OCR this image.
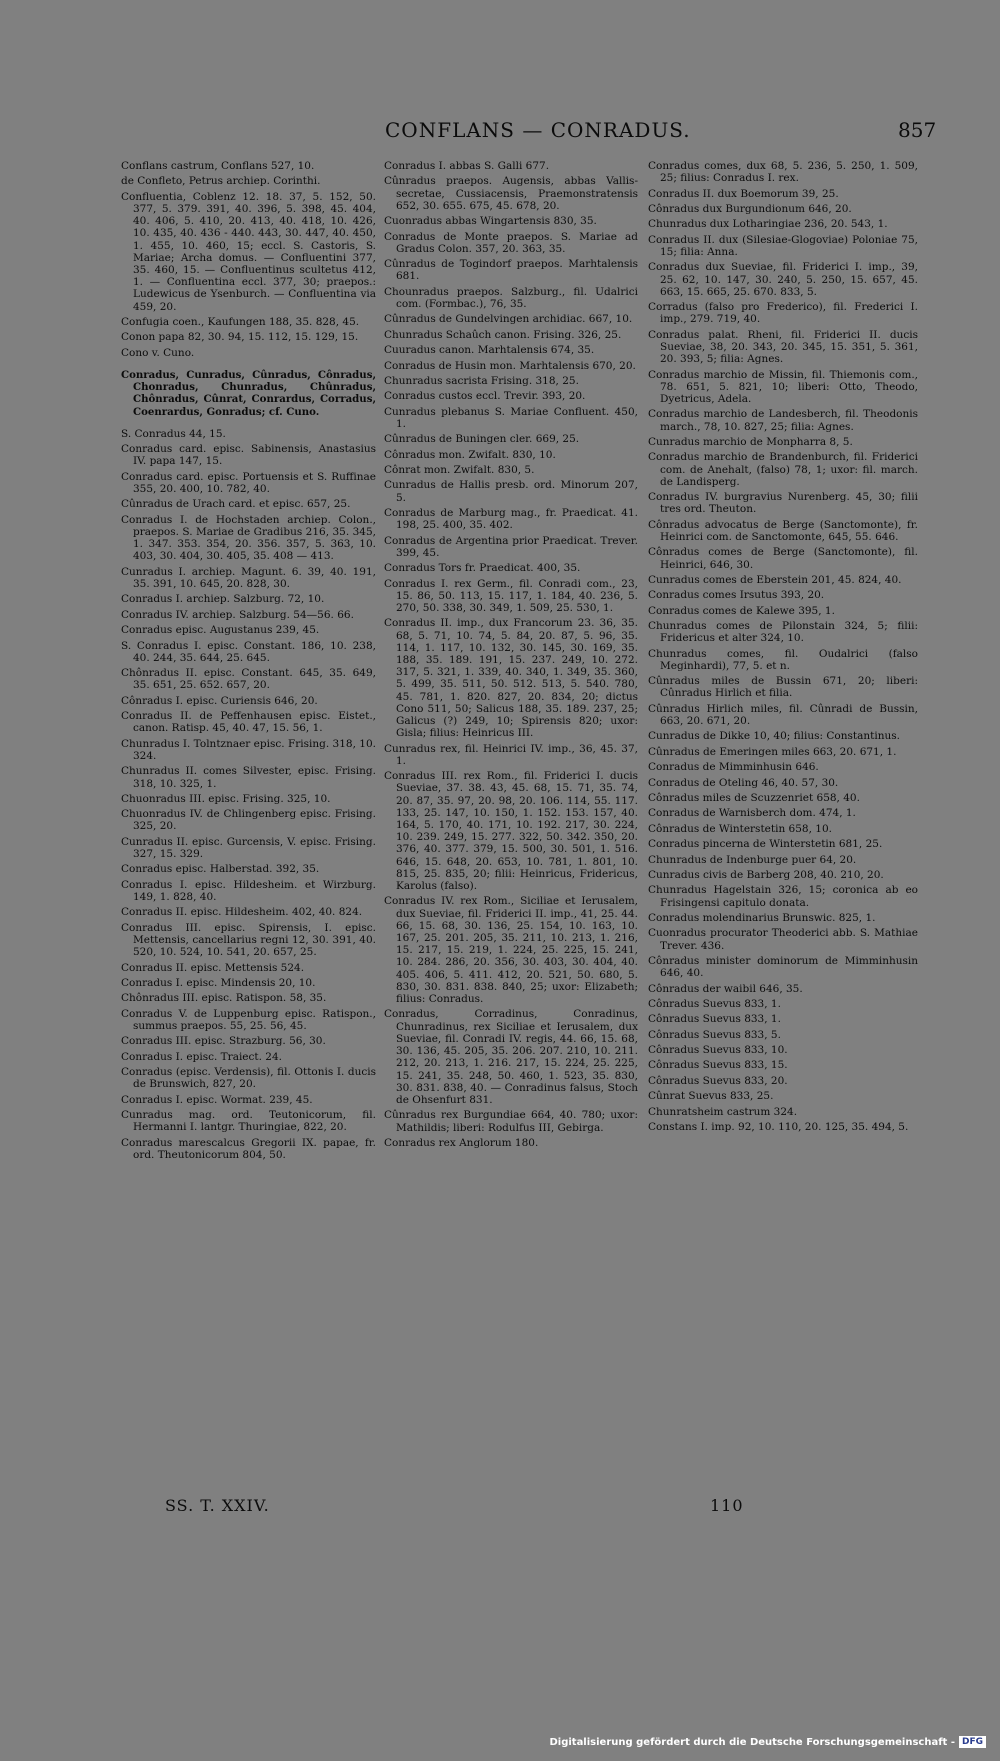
CONFLANS — CONRADUS.	857
Conflans castrum, Conflans 527, 10.
de Confleto, Petrus archiep. Corinthi.
Confluentia, Coblenz 12. 18. 37, 5. 152, 50. 377, 5. 379. 391, 40. 396, 5. 398, 45. 404, 40. 406, 5. 410, 20. 413, 40. 418, 10. 426, 10. 435, 40. 436 - 440. 443, 30. 447, 40. 450, 1. 455, 10. 460, 15; eccl. S. Castoris, S. Mariae; Archa domus. — Confluentini 377, 35. 460, 15. — Confluentinus scultetus 412, 1. — Confluentina eccl. 377, 30; praepos.: Ludewicus de Ysenburch. — Confluentina via 459, 20.
Confugia coen., Kaufungen 188, 35. 828, 45.
Conon papa 82, 30. 94, 15. 112, 15. 129, 15.
Cono v. Cuno.
Conradus, Cunradus, Cûnradus, Cônradus, Chonradus, Chunradus, Chûnradus, Chônradus, Cûnrat, Conrardus, Corradus, Coenrardus, Gonradus; cf. Cuno.
S. Conradus 44, 15.
Conradus card. episc. Sabinensis, Anastasius IV. papa 147, 15.
Conradus card. episc. Portuensis et S. Ruffinae 355, 20. 400, 10. 782, 40.
Cûnradus de Urach card. et episc. 657, 25.
Conradus I. de Hochstaden archiep. Colon., praepos. S. Mariae de Gradibus 216, 35. 345, 1. 347. 353. 354, 20. 356. 357, 5. 363, 10. 403, 30. 404, 30. 405, 35. 408 — 413.
Cunradus I. archiep. Magunt. 6. 39, 40. 191, 35. 391, 10. 645, 20. 828, 30.
Conradus I. archiep. Salzburg. 72, 10.
Conradus IV. archiep. Salzburg. 54—56. 66.
Conradus episc. Augustanus 239, 45.
S. Conradus I. episc. Constant. 186, 10. 238, 40. 244, 35. 644, 25. 645.
Chônradus II. episc. Constant. 645, 35. 649, 35. 651, 25. 652. 657, 20.
Cônradus I. episc. Curiensis 646, 20.
Conradus II. de Peffenhausen episc. Eistet., canon. Ratisp. 45, 40. 47, 15. 56, 1.
Chunradus I. Tolntznaer episc. Frising. 318, 10. 324.
Chunradus II. comes Silvester, episc. Frising. 318, 10. 325, 1.
Chuonradus III. episc. Frising. 325, 10.
Chuonradus IV. de Chlingenberg episc. Frising. 325, 20.
Cunradus II. episc. Gurcensis, V. episc. Frising. 327, 15. 329.
Conradus episc. Halberstad. 392, 35.
Conradus I. episc. Hildesheim. et Wirzburg. 149, 1. 828, 40.
Conradus II. episc. Hildesheim. 402, 40. 824.
Conradus III. episc. Spirensis, I. episc. Mettensis, cancellarius regni 12, 30. 391, 40. 520, 10. 524, 10. 541, 20. 657, 25.
Conradus II. episc. Mettensis 524.
Conradus I. episc. Mindensis 20, 10.
Chônradus III. episc. Ratispon. 58, 35.
Conradus V. de Luppenburg episc. Ratispon., summus praepos. 55, 25. 56, 45.
Conradus III. episc. Strazburg. 56, 30.
Conradus I. episc. Traiect. 24.
Conradus (episc. Verdensis), fil. Ottonis I. ducis de Brunswich, 827, 20.
Conradus I. episc. Wormat. 239, 45.
Cunradus mag. ord. Teutonicorum, fil. Hermanni I. lantgr. Thuringiae, 822, 20.
Conradus marescalcus Gregorii IX. papae, fr. ord. Theutonicorum 804, 50.
Conradus I. abbas S. Galli 677.
Cûnradus praepos. Augensis, abbas Vallis-secretae, Cussiacensis, Praemonstratensis 652, 30. 655. 675, 45. 678, 20.
Cuonradus abbas Wingartensis 830, 35.
Conradus de Monte praepos. S. Mariae ad Gradus Colon. 357, 20. 363, 35.
Cûnradus de Togindorf praepos. Marhtalensis 681.
Chounradus praepos. Salzburg., fil. Udalrici com. (Formbac.), 76, 35.
Cûnradus de Gundelvingen archidiac. 667, 10.
Chunradus Schaûch canon. Frising. 326, 25.
Cuuradus canon. Marhtalensis 674, 35.
Conradus de Husin mon. Marhtalensis 670, 20.
Chunradus sacrista Frising. 318, 25.
Conradus custos eccl. Trevir. 393, 20.
Cunradus plebanus S. Mariae Confluent. 450, 1.
Cûnradus de Buningen cler. 669, 25.
Cônradus mon. Zwifalt. 830, 10.
Cônrat mon. Zwifalt. 830, 5.
Cunradus de Hallis presb. ord. Minorum 207, 5.
Conradus de Marburg mag., fr. Praedicat. 41. 198, 25. 400, 35. 402.
Conradus de Argentina prior Praedicat. Trever. 399, 45.
Conradus Tors fr. Praedicat. 400, 35.
Conradus I. rex Germ., fil. Conradi com., 23, 15. 86, 50. 113, 15. 117, 1. 184, 40. 236, 5. 270, 50. 338, 30. 349, 1. 509, 25. 530, 1.
Conradus II. imp., dux Francorum 23. 36, 35. 68, 5. 71, 10. 74, 5. 84, 20. 87, 5. 96, 35. 114, 1. 117, 10. 132, 30. 145, 30. 169, 35. 188, 35. 189. 191, 15. 237. 249, 10. 272. 317, 5. 321, 1. 339, 40. 340, 1. 349, 35. 360, 5. 499, 35. 511, 50. 512. 513, 5. 540. 780, 45. 781, 1. 820. 827, 20. 834, 20; dictus Cono 511, 50; Salicus 188, 35. 189. 237, 25; Galicus (?) 249, 10; Spirensis 820; uxor: Gisla; filius: Heinricus III.
Cunradus rex, fil. Heinrici IV. imp., 36, 45. 37, 1.
Conradus III. rex Rom., fil. Friderici I. ducis Sueviae, 37. 38. 43, 45. 68, 15. 71, 35. 74, 20. 87, 35. 97, 20. 98, 20. 106. 114, 55. 117. 133, 25. 147, 10. 150, 1. 152. 153. 157, 40. 164, 5. 170, 40. 171, 10. 192. 217, 30. 224, 10. 239. 249, 15. 277. 322, 50. 342. 350, 20. 376, 40. 377. 379, 15. 500, 30. 501, 1. 516. 646, 15. 648, 20. 653, 10. 781, 1. 801, 10. 815, 25. 835, 20; filii: Heinricus, Fridericus, Karolus (falso).
Conradus IV. rex Rom., Siciliae et Ierusalem, dux Sueviae, fil. Friderici II. imp., 41, 25. 44. 66, 15. 68, 30. 136, 25. 154, 10. 163, 10. 167, 25. 201. 205, 35. 211, 10. 213, 1. 216, 15. 217, 15. 219, 1. 224, 25. 225, 15. 241, 10. 284. 286, 20. 356, 30. 403, 30. 404, 40. 405. 406, 5. 411. 412, 20. 521, 50. 680, 5. 830, 30. 831. 838. 840, 25; uxor: Elizabeth; filius: Conradus.
Conradus, Corradinus, Conradinus, Chunradinus, rex Siciliae et Ierusalem, dux Sueviae, fil. Conradi IV. regis, 44. 66, 15. 68, 30. 136, 45. 205, 35. 206. 207. 210, 10. 211. 212, 20. 213, 1. 216. 217, 15. 224, 25. 225, 15. 241, 35. 248, 50. 460, 1. 523, 35. 830, 30. 831. 838, 40. — Conradinus falsus, Stoch de Ohsenfurt 831.
Cûnradus rex Burgundiae 664, 40. 780; uxor: Mathildis; liberi: Rodulfus III, Gebirga.
Conradus rex Anglorum 180.
Conradus comes, dux 68, 5. 236, 5. 250, 1. 509, 25; filius: Conradus I. rex.
Conradus II. dux Boemorum 39, 25.
Cônradus dux Burgundionum 646, 20.
Chunradus dux Lotharingiae 236, 20. 543, 1.
Conradus II. dux (Silesiae-Glogoviae) Poloniae 75, 15; filia: Anna.
Conradus dux Sueviae, fil. Friderici I. imp., 39, 25. 62, 10. 147, 30. 240, 5. 250, 15. 657, 45. 663, 15. 665, 25. 670. 833, 5.
Corradus (falso pro Frederico), fil. Frederici I. imp., 279. 719, 40.
Conradus palat. Rheni, fil. Friderici II. ducis Sueviae, 38, 20. 343, 20. 345, 15. 351, 5. 361, 20. 393, 5; filia: Agnes.
Conradus marchio de Missin, fil. Thiemonis com., 78. 651, 5. 821, 10; liberi: Otto, Theodo, Dyetricus, Adela.
Conradus marchio de Landesberch, fil. Theodonis march., 78, 10. 827, 25; filia: Agnes.
Cunradus marchio de Monpharra 8, 5.
Conradus marchio de Brandenburch, fil. Friderici com. de Anehalt, (falso) 78, 1; uxor: fil. march. de Landisperg.
Conradus IV. burgravius Nurenberg. 45, 30; filii tres ord. Theuton.
Cônradus advocatus de Berge (Sanctomonte), fr. Heinrici com. de Sanctomonte, 645, 55. 646.
Cônradus comes de Berge (Sanctomonte), fil. Heinrici, 646, 30.
Cunradus comes de Eberstein 201, 45. 824, 40.
Conradus comes Irsutus 393, 20.
Conradus comes de Kalewe 395, 1.
Chunradus comes de Pilonstain 324, 5; filii: Fridericus et alter 324, 10.
Chunradus comes, fil. Oudalrici (falso Meginhardi), 77, 5. et n.
Cûnradus miles de Bussin 671, 20; liberi: Cûnradus Hirlich et filia.
Cûnradus Hirlich miles, fil. Cûnradi de Bussin, 663, 20. 671, 20.
Cunradus de Dikke 10, 40; filius: Constantinus.
Cûnradus de Emeringen miles 663, 20. 671, 1.
Conradus de Mimminhusin 646.
Conradus de Oteling 46, 40. 57, 30.
Cônradus miles de Scuzzenriet 658, 40.
Conradus de Warnisberch dom. 474, 1.
Cônradus de Winterstetin 658, 10.
Conradus pincerna de Winterstetin 681, 25.
Chunradus de Indenburge puer 64, 20.
Cunradus civis de Barberg 208, 40. 210, 20.
Chunradus Hagelstain 326, 15; coronica ab eo Frisingensi capitulo donata.
Conradus molendinarius Brunswic. 825, 1.
Cuonradus procurator Theoderici abb. S. Mathiae Trever. 436.
Cônradus minister dominorum de Mimminhusin 646, 40.
Cônradus der waibil 646, 35.
Cônradus Suevus 833, 1.
Cônradus Suevus 833, 1.
Cônradus Suevus 833, 5.
Cônradus Suevus 833, 10.
Cônradus Suevus 833, 15.
Cônradus Suevus 833, 20.
Cûnrat Suevus 833, 25.
Chunratsheim castrum 324.
Constans I. imp. 92, 10. 110, 20. 125, 35. 494, 5.
SS. T. XXIV.	110
Digitalisierung gefördert durch die Deutsche Forschungsgemeinschaft - DFG
